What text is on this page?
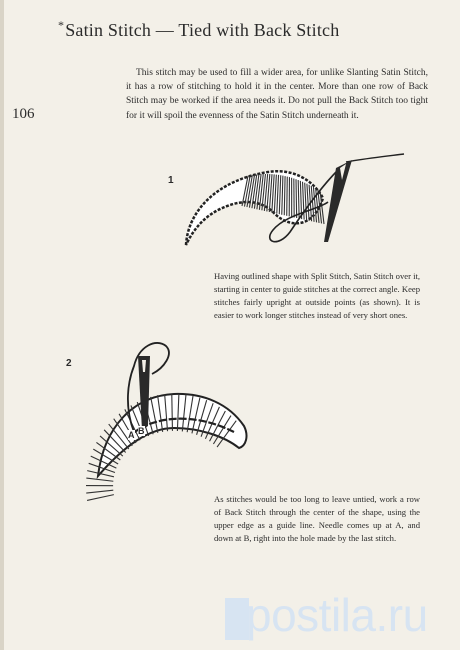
*Satin Stitch — Tied with Back Stitch
106
This stitch may be used to fill a wider area, for unlike Slanting Satin Stitch, it has a row of stitching to hold it in the center. More than one row of Back Stitch may be worked if the area needs it. Do not pull the Back Stitch too tight for it will spoil the evenness of the Satin Stitch underneath it.
1
Having outlined shape with Split Stitch, Satin Stitch over it, starting in center to guide stitches at the correct angle. Keep stitches fairly upright at outside points (as shown). It is easier to work longer stitches instead of very short ones.
2
A B
As stitches would be too long to leave untied, work a row of Back Stitch through the center of the shape, using the upper edge as a guide line. Needle comes up at A, and down at B, right into the hole made by the last stitch.
postila.ru
